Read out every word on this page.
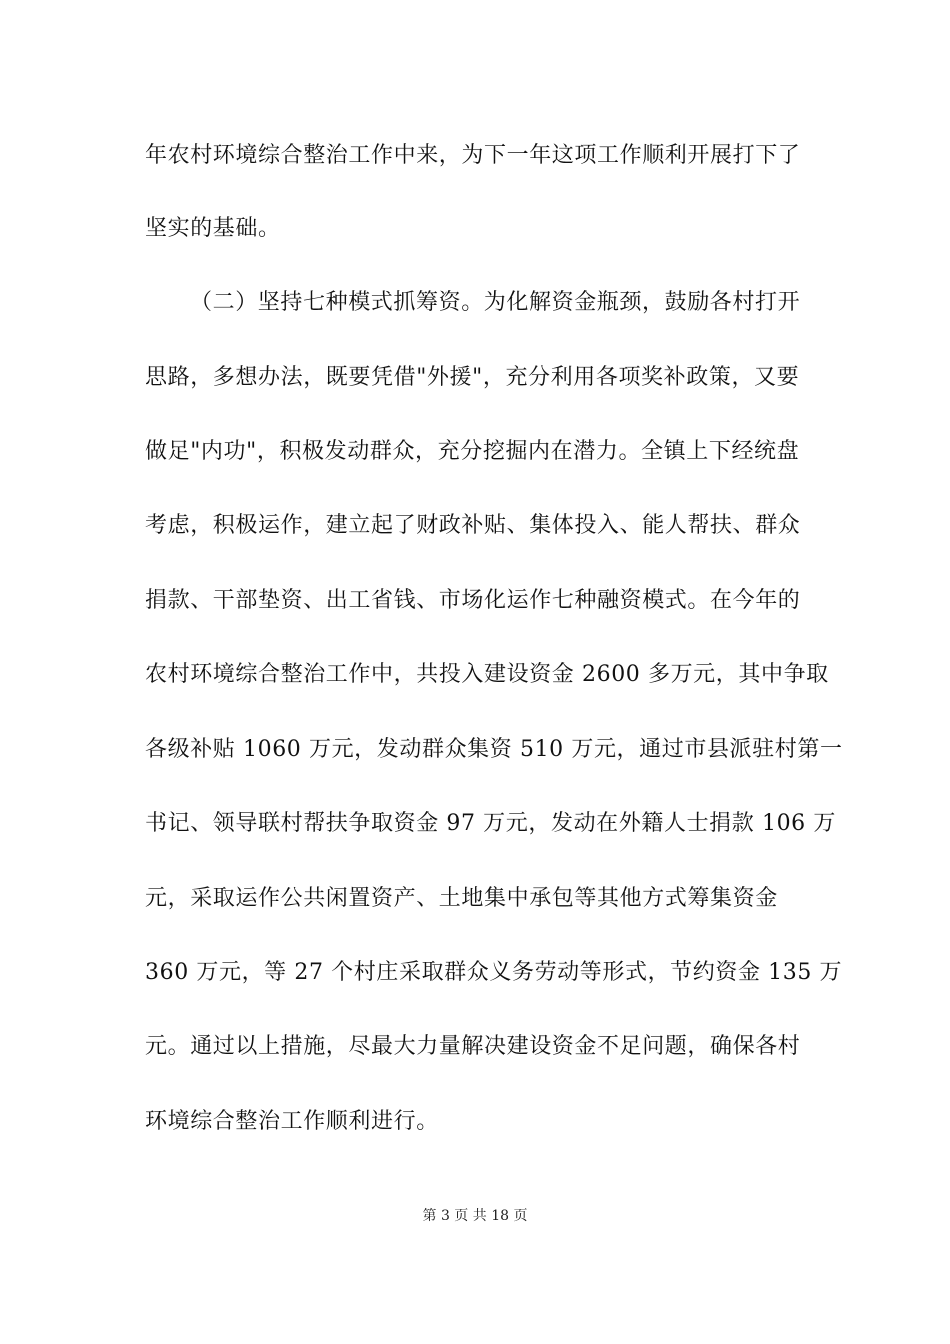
年农村环境综合整治工作中来，为下一年这项工作顺利开展打下了
坚实的基础。
（二）坚持七种模式抓筹资。为化解资金瓶颈，鼓励各村打开
思路，多想办法，既要凭借"外援"，充分利用各项奖补政策，又要
做足"内功"，积极发动群众，充分挖掘内在潜力。全镇上下经统盘
考虑，积极运作，建立起了财政补贴、集体投入、能人帮扶、群众
捐款、干部垫资、出工省钱、市场化运作七种融资模式。在今年的
农村环境综合整治工作中，共投入建设资金 2600 多万元，其中争取
各级补贴 1060 万元，发动群众集资 510 万元，通过市县派驻村第一
书记、领导联村帮扶争取资金 97 万元，发动在外籍人士捐款 106 万
元，采取运作公共闲置资产、土地集中承包等其他方式筹集资金
360 万元，等 27 个村庄采取群众义务劳动等形式，节约资金 135 万
元。通过以上措施，尽最大力量解决建设资金不足问题，确保各村
环境综合整治工作顺利进行。
第 3 页 共 18 页
